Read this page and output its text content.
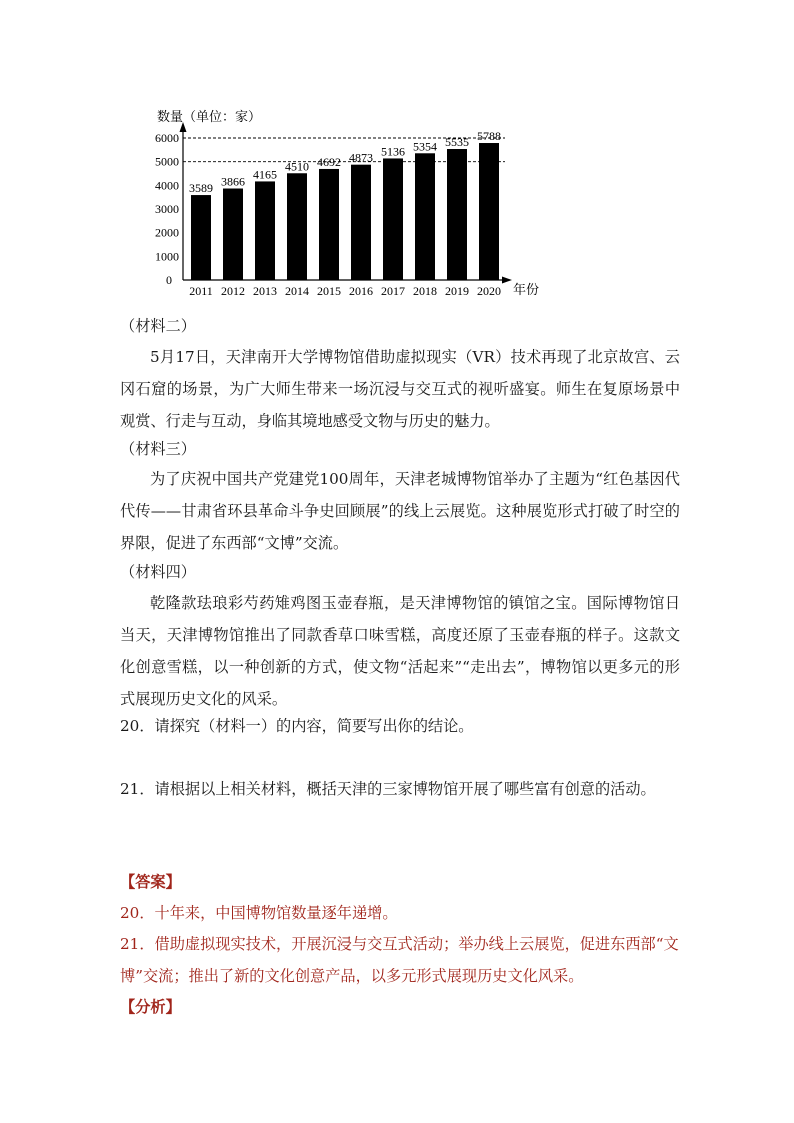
0
1000
2000
3000
4000
5000
6000
3589 3866
4165
4510 4692 4873 5136 5354 5535 5788
2011 2012 2013 2014 2015 2016 2017 2018 2019 2020
数量（单位：家）
年份

（材料二）

5月17日，天津南开大学博物馆借助虚拟现实（VR）技术再现了北京故宫、云冈石窟的场景，为广大师生带来一场沉浸与交互式的视听盛宴。师生在复原场景中观赏、行走与互动，身临其境地感受文物与历史的魅力。

（材料三）

为了庆祝中国共产党建党100周年，天津老城博物馆举办了主题为“红色基因代代传——甘肃省环县革命斗争史回顾展”的线上云展览。这种展览形式打破了时空的界限，促进了东西部“文博”交流。

（材料四）

乾隆款珐琅彩芍药雉鸡图玉壶春瓶，是天津博物馆的镇馆之宝。国际博物馆日当天，天津博物馆推出了同款香草口味雪糕，高度还原了玉壶春瓶的样子。这款文化创意雪糕，以一种创新的方式，使文物“活起来”“走出去”，博物馆以更多元的形式展现历史文化的风采。

20．请探究（材料一）的内容，简要写出你的结论。

21．请根据以上相关材料，概括天津的三家博物馆开展了哪些富有创意的活动。

【答案】

20．十年来，中国博物馆数量逐年递增。

21．借助虚拟现实技术，开展沉浸与交互式活动；举办线上云展览，促进东西部“文博”交流；推出了新的文化创意产品，以多元形式展现历史文化风采。

【分析】
